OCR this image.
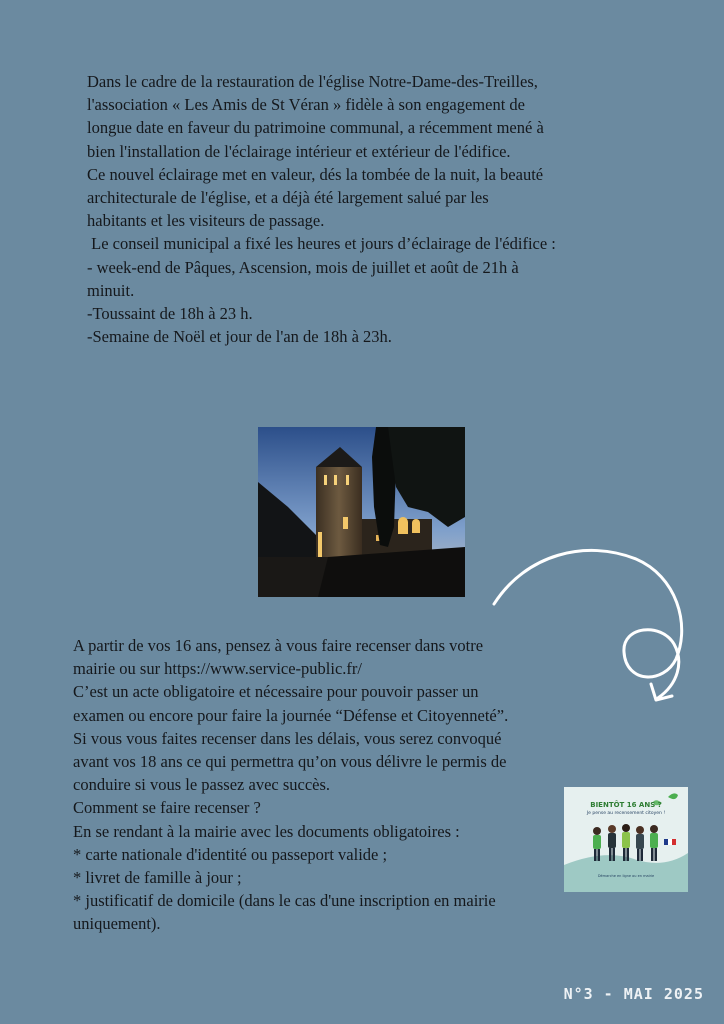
Dans le cadre de la restauration de l'église Notre-Dame-des-Treilles,
l'association « Les Amis de St Véran » fidèle à son engagement de
longue date en faveur du patrimoine communal, a récemment mené à
bien l'installation de l'éclairage intérieur et extérieur de l'édifice.
Ce nouvel éclairage met en valeur, dés la tombée de la nuit, la beauté
architecturale de l'église, et a déjà été largement salué par les
habitants et les visiteurs de passage.
Le conseil municipal a fixé les heures et jours d’éclairage de l'édifice :
- week-end de Pâques, Ascension, mois de juillet et août de 21h à
minuit.
-Toussaint de 18h à 23 h.
-Semaine de Noël et jour de l'an de 18h à 23h.
A partir de vos 16 ans, pensez à vous faire recenser dans votre
mairie ou sur https://www.service-public.fr/
C’est un acte obligatoire et nécessaire pour pouvoir passer un
examen ou encore pour faire la journée “Défense et Citoyenneté”.
Si vous vous faites recenser dans les délais, vous serez convoqué
avant vos 18 ans ce qui permettra qu’on vous délivre le permis de
conduire si vous le passez avec succès.
Comment se faire recenser ?
En se rendant à la mairie avec les documents obligatoires :
* carte nationale d'identité ou passeport valide ;
* livret de famille à jour ;
* justificatif de domicile (dans le cas d'une inscription en mairie
uniquement).
BIENTÔT 16 ANS ?
Je pense au recensement citoyen !
Démarche en ligne ou en mairie
N°3 - MAI 2025
